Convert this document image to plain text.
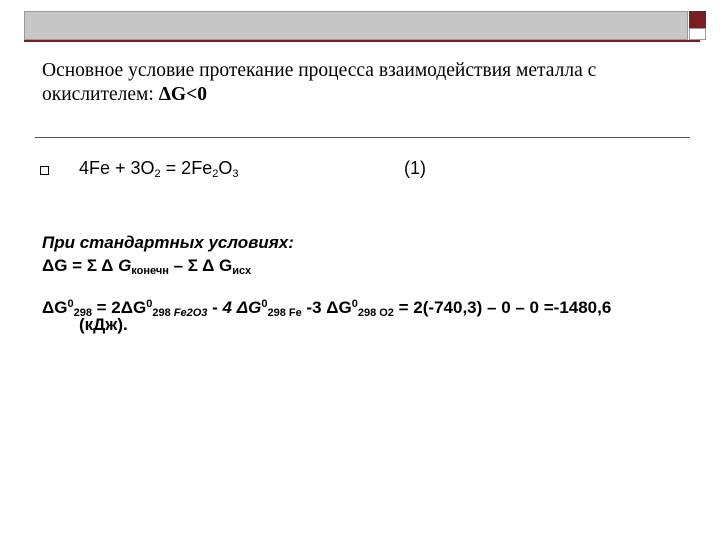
Основное условие протекание процесса взаимодействия металла с
окислителем: ΔG<0
$4Fe + 3O_2 = 2Fe_2O_3$	(1)
При стандартных условиях:
ΔG = Σ Δ $G_{конечн}$ – Σ Δ $G_{исх}$
$\Delta G^0_{298} = 2\Delta G^0_{298}$ $_{Fe2O3}$ - 4 $\Delta G^0_{298 Fe}$ -3 $\Delta G^0_{298 O2} = 2(-740,3) - 0 - 0 =-1480,6$
(кДж).
